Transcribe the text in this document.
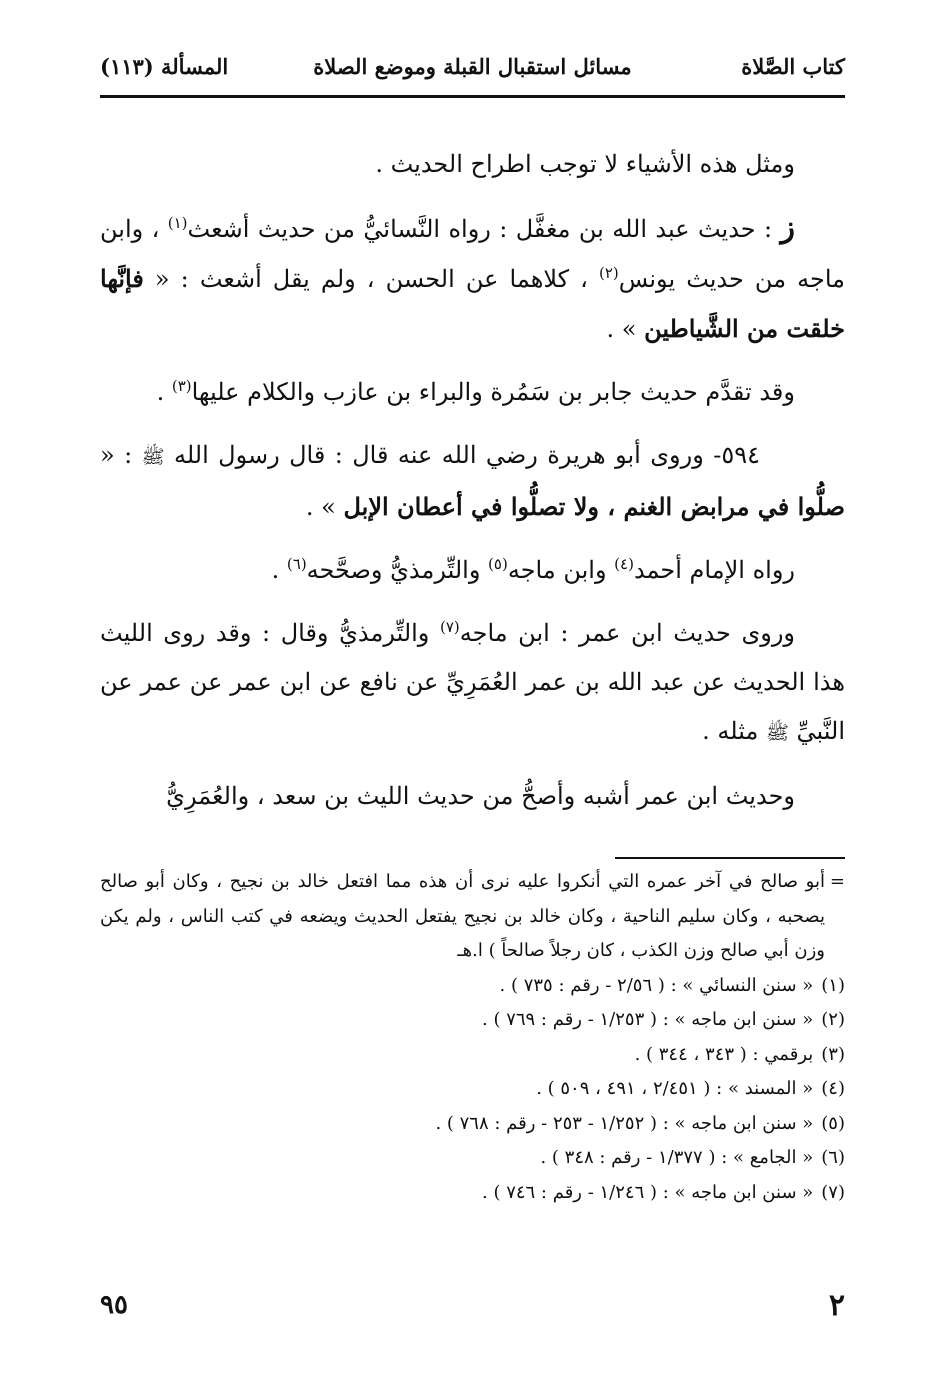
كتاب الصَّلاة
مسائل استقبال القبلة وموضع الصلاة
المسألة (١١٣)

ومثل هذه الأشياء لا توجب اطراح الحديث .

ز : حديث عبد الله بن مغفَّل : رواه النَّسائيُّ من حديث أشعث$^{(١)}$ ، وابن ماجه من حديث يونس$^{(٢)}$ ، كلاهما عن الحسن ، ولم يقل أشعث : « فإنَّها خلقت من الشَّياطين » .

وقد تقدَّم حديث جابر بن سَمُرة والبراء بن عازب والكلام عليها$^{(٣)}$ .

٥٩٤- وروى أبو هريرة رضي الله عنه قال : قال رسول الله ﷺ : « صلُّوا في مرابض الغنم ، ولا تصلُّوا في أعطان الإبل » .

رواه الإمام أحمد$^{(٤)}$ وابن ماجه$^{(٥)}$ والتِّرمذيُّ وصحَّحه$^{(٦)}$ .

وروى حديث ابن عمر : ابن ماجه$^{(٧)}$ والتِّرمذيُّ وقال : وقد روى الليث هذا الحديث عن عبد الله بن عمر العُمَرِيِّ عن نافع عن ابن عمر عن عمر عن النَّبيِّ ﷺ مثله .

وحديث ابن عمر أشبه وأصحُّ من حديث الليث بن سعد ، والعُمَرِيُّ

=
أبو صالح في آخر عمره التي أنكروا عليه نرى أن هذه مما افتعل خالد بن نجيح ، وكان أبو صالح يصحبه ، وكان سليم الناحية ، وكان خالد بن نجيح يفتعل الحديث ويضعه في كتب الناس ، ولم يكن وزن أبي صالح وزن الكذب ، كان رجلاً صالحاً ) ا.هـ
(١)« سنن النسائي » : ( ٢/٥٦ - رقم : ٧٣٥ ) .
(٢)« سنن ابن ماجه » : ( ١/٢٥٣ - رقم : ٧٦٩ ) .
(٣)برقمي : ( ٣٤٣ ، ٣٤٤ ) .
(٤)« المسند » : ( ٢/٤٥١ ، ٤٩١ ، ٥٠٩ ) .
(٥)« سنن ابن ماجه » : ( ١/٢٥٢ - ٢٥٣ - رقم : ٧٦٨ ) .
(٦)« الجامع » : ( ١/٣٧٧ - رقم : ٣٤٨ ) .
(٧)« سنن ابن ماجه » : ( ١/٢٤٦ - رقم : ٧٤٦ ) .
٢
٩٥
